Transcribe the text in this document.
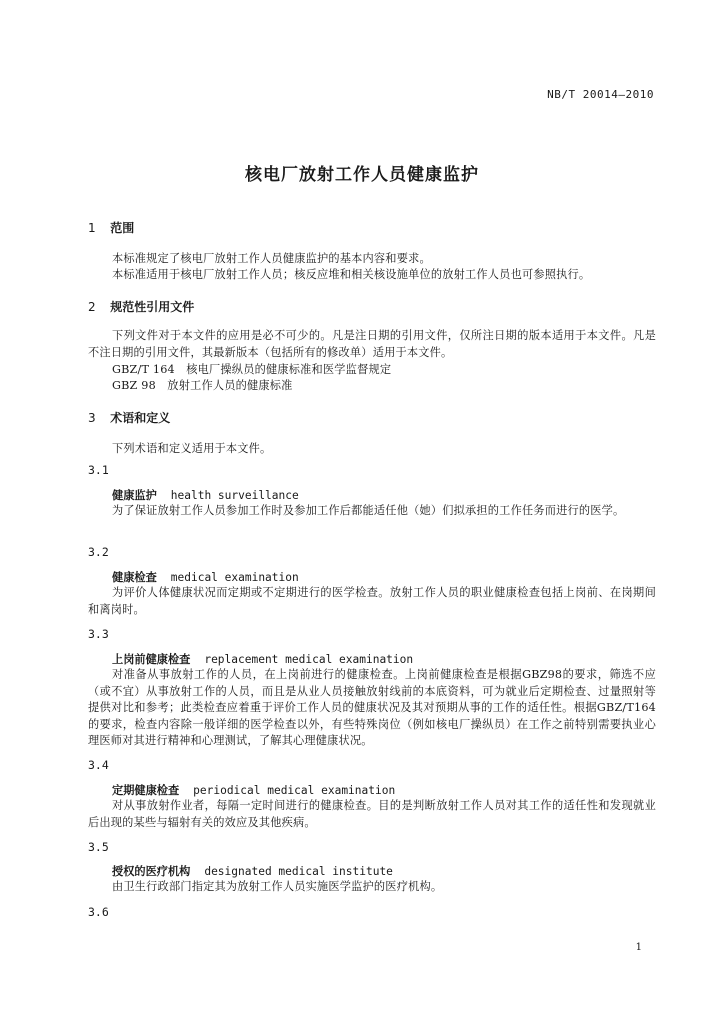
NB/T 20014—2010
核电厂放射工作人员健康监护
1 范围
本标准规定了核电厂放射工作人员健康监护的基本内容和要求。
本标准适用于核电厂放射工作人员；核反应堆和相关核设施单位的放射工作人员也可参照执行。
2 规范性引用文件
下列文件对于本文件的应用是必不可少的。凡是注日期的引用文件，仅所注日期的版本适用于本文件。凡是不注日期的引用文件，其最新版本（包括所有的修改单）适用于本文件。
GBZ/T 164　核电厂操纵员的健康标准和医学监督规定
GBZ 98　放射工作人员的健康标准
3 术语和定义
下列术语和定义适用于本文件。
3.1
健康监护 health surveillance
为了保证放射工作人员参加工作时及参加工作后都能适任他（她）们拟承担的工作任务而进行的医学。
3.2
健康检查 medical examination
为评价人体健康状况而定期或不定期进行的医学检查。放射工作人员的职业健康检查包括上岗前、在岗期间和离岗时。
3.3
上岗前健康检查 replacement medical examination
对准备从事放射工作的人员，在上岗前进行的健康检查。上岗前健康检查是根据GBZ98的要求，筛选不应（或不宜）从事放射工作的人员，而且是从业人员接触放射线前的本底资料，可为就业后定期检查、过量照射等提供对比和参考；此类检查应着重于评价工作人员的健康状况及其对预期从事的工作的适任性。根据GBZ/T164的要求，检查内容除一般详细的医学检查以外，有些特殊岗位（例如核电厂操纵员）在工作之前特别需要执业心理医师对其进行精神和心理测试，了解其心理健康状况。
3.4
定期健康检查 periodical medical examination
对从事放射作业者，每隔一定时间进行的健康检查。目的是判断放射工作人员对其工作的适任性和发现就业后出现的某些与辐射有关的效应及其他疾病。
3.5
授权的医疗机构 designated medical institute
由卫生行政部门指定其为放射工作人员实施医学监护的医疗机构。
3.6
1
